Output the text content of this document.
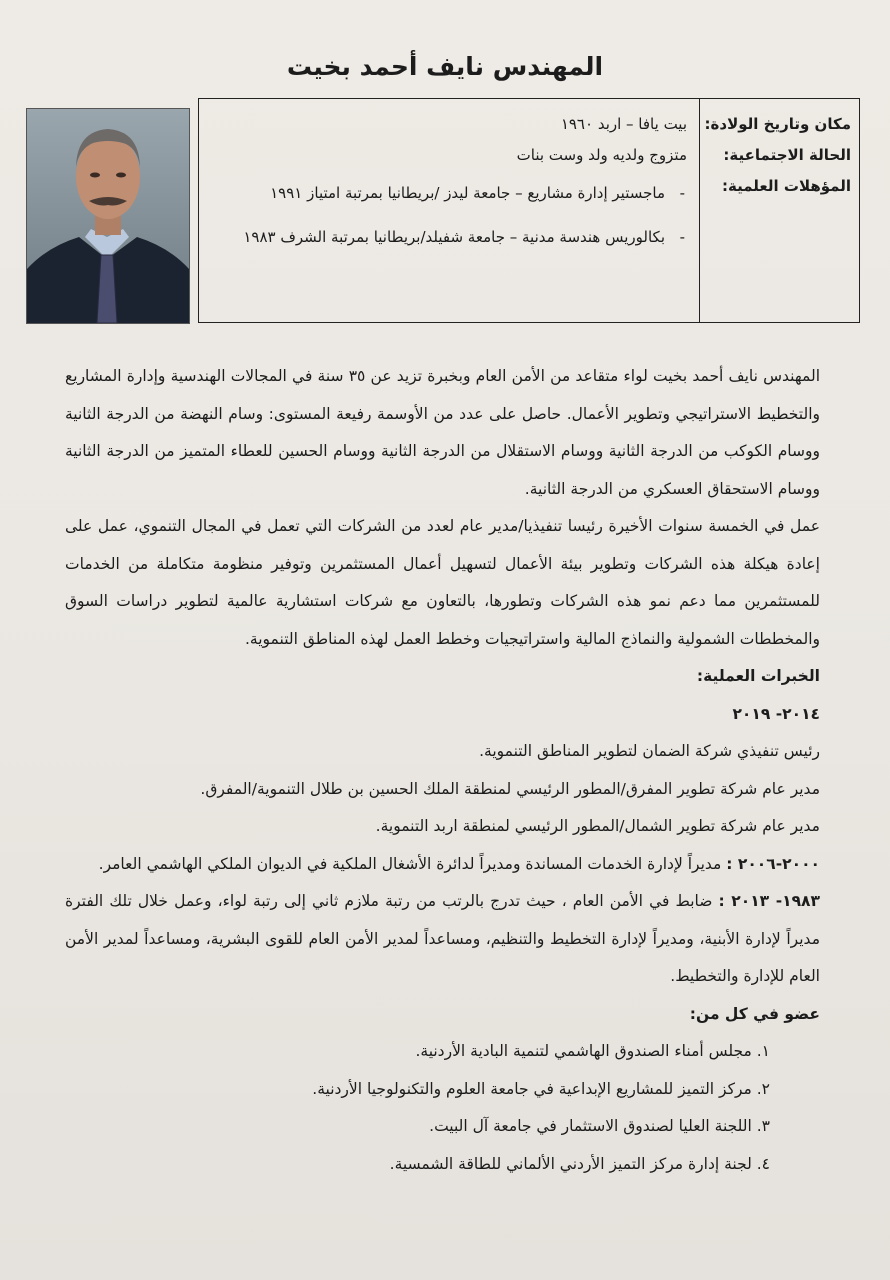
المهندس نايف أحمد بخيت
مكان وتاريخ الولادة:
الحالة الاجتماعية:
المؤهلات العلمية:
بيت يافا – اربد ١٩٦٠
متزوج ولديه ولد وست بنات
- ماجستير إدارة مشاريع – جامعة ليدز /بريطانيا بمرتبة امتياز ١٩٩١
- بكالوريس هندسة مدنية – جامعة شفيلد/بريطانيا بمرتبة الشرف ١٩٨٣

المهندس نايف أحمد بخيت لواء متقاعد من الأمن العام وبخبرة تزيد عن ٣٥ سنة في المجالات الهندسية وإدارة المشاريع والتخطيط الاستراتيجي وتطوير الأعمال. حاصل على عدد من الأوسمة رفيعة المستوى: وسام النهضة من الدرجة الثانية ووسام الكوكب من الدرجة الثانية ووسام الاستقلال من الدرجة الثانية ووسام الحسين للعطاء المتميز من الدرجة الثانية ووسام الاستحقاق العسكري من الدرجة الثانية.

عمل في الخمسة سنوات الأخيرة رئيسا تنفيذيا/مدير عام لعدد من الشركات التي تعمل في المجال التنموي، عمل على إعادة هيكلة هذه الشركات وتطوير بيئة الأعمال لتسهيل أعمال المستثمرين وتوفير منظومة متكاملة من الخدمات للمستثمرين مما دعم نمو هذه الشركات وتطورها، بالتعاون مع شركات استشارية عالمية لتطوير دراسات السوق والمخططات الشمولية والنماذج المالية واستراتيجيات وخطط العمل لهذه المناطق التنموية.

الخبرات العملية:

٢٠١٤- ٢٠١٩

رئيس تنفيذي شركة الضمان لتطوير المناطق التنموية.

مدير عام شركة تطوير المفرق/المطور الرئيسي لمنطقة الملك الحسين بن طلال التنموية/المفرق.

مدير عام شركة تطوير الشمال/المطور الرئيسي لمنطقة اربد التنموية.

٢٠٠٠-٢٠٠٦ : مديراً لإدارة الخدمات المساندة ومديراً لدائرة الأشغال الملكية في الديوان الملكي الهاشمي العامر.

١٩٨٣- ٢٠١٣ : ضابط في الأمن العام ، حيث تدرج بالرتب من رتبة ملازم ثاني إلى رتبة لواء، وعمل خلال تلك الفترة مديراً لإدارة الأبنية، ومديراً لإدارة التخطيط والتنظيم، ومساعداً لمدير الأمن العام للقوى البشرية، ومساعداً لمدير الأمن العام للإدارة والتخطيط.

عضو في كل من:

١. مجلس أمناء الصندوق الهاشمي لتنمية البادية الأردنية.
٢. مركز التميز للمشاريع الإبداعية في جامعة العلوم والتكنولوجيا الأردنية.
٣. اللجنة العليا لصندوق الاستثمار في جامعة آل البيت.
٤. لجنة إدارة مركز التميز الأردني الألماني للطاقة الشمسية.
